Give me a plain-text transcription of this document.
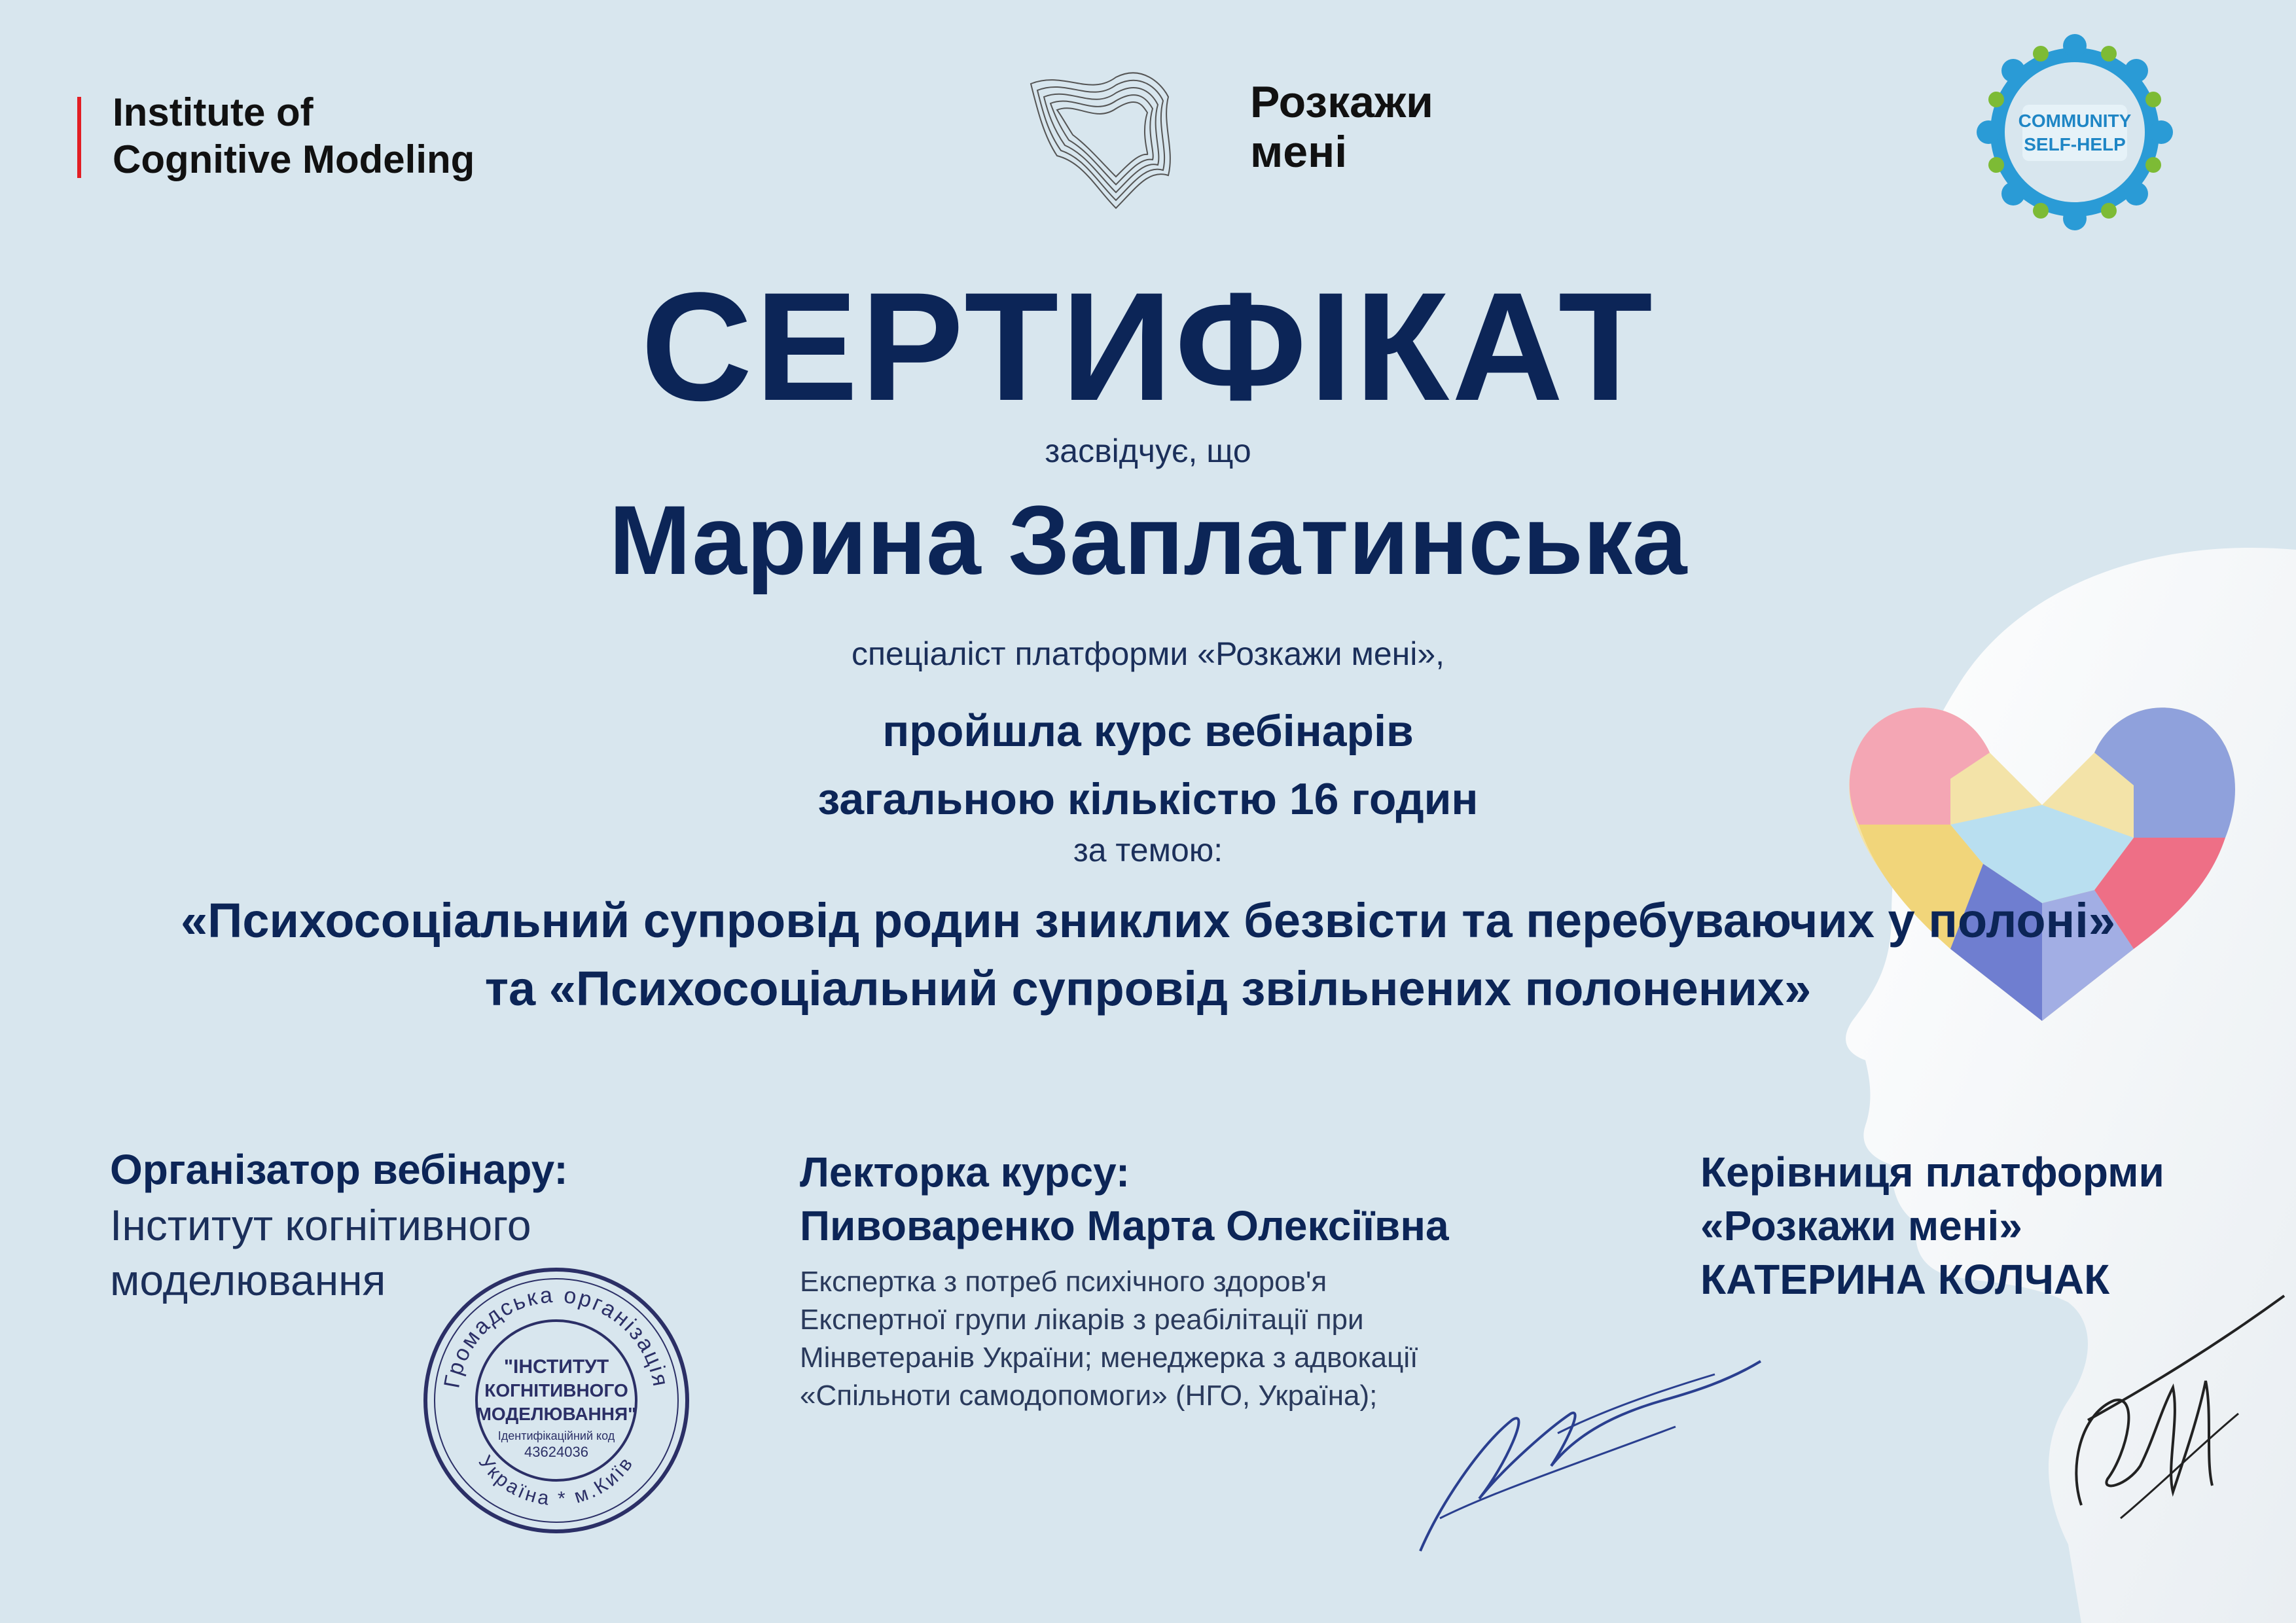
Institute of
Cognitive Modeling
Розкажи
мені
COMMUNITY
SELF-HELP
СЕРТИФІКАТ
засвідчує, що
Марина Заплатинська
спеціаліст платформи «Розкажи мені»,
пройшла курс вебінарів
загальною кількістю 16 годин
за темою:
«Психосоціальний супровід родин зниклих безвісти та перебуваючих у полоні»
та «Психосоціальний супровід звільнених полонених»
Організатор вебінару:
Інститут когнітивного
моделювання
Громадська організація
Україна * м.Київ
"ІНСТИТУТ
КОГНІТИВНОГО
МОДЕЛЮВАННЯ"
Ідентифікаційний код
43624036
Лекторка курсу:
Пивоваренко Марта Олексіївна
Експертка з потреб психічного здоров'я
Експертної групи лікарів з реабілітації при
Мінветеранів України; менеджерка з адвокації
«Спільноти самодопомоги» (НГО, Україна);
Керівниця платформи
«Розкажи мені»
КАТЕРИНА КОЛЧАК
